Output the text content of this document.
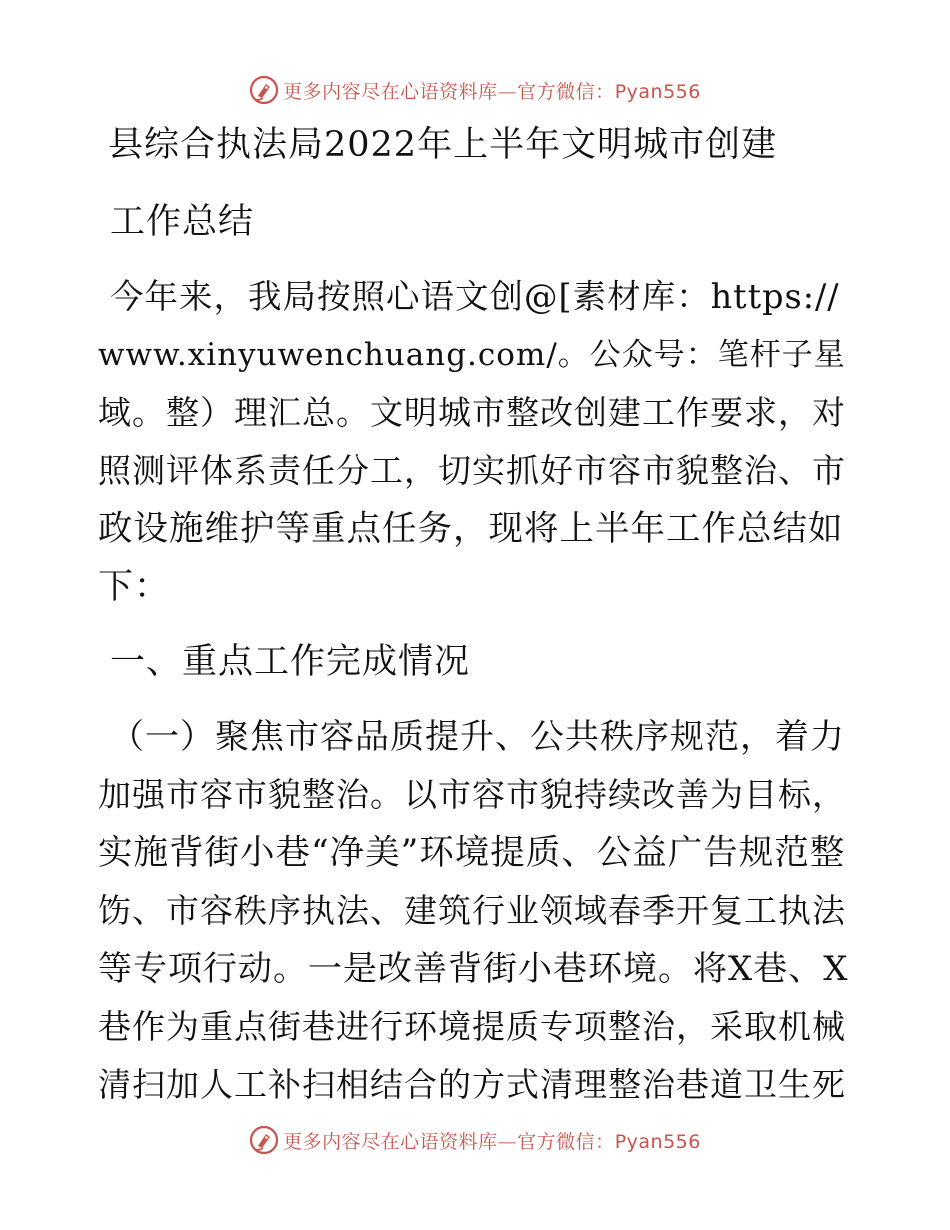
更多内容尽在心语资料库—官方微信：Pyan556
县综合执法局2022年上半年文明城市创建
工作总结
今年来，我局按照心语文创@[素材库：https://
www.xinyuwenchuang.com/。公众号：笔杆子星
域。整）理汇总。文明城市整改创建工作要求，对
照测评体系责任分工，切实抓好市容市貌整治、市
政设施维护等重点任务，现将上半年工作总结如
下：
一、重点工作完成情况
（一）聚焦市容品质提升、公共秩序规范，着力
加强市容市貌整治。以市容市貌持续改善为目标，
实施背街小巷“净美”环境提质、公益广告规范整
饬、市容秩序执法、建筑行业领域春季开复工执法
等专项行动。一是改善背街小巷环境。将X巷、X
巷作为重点街巷进行环境提质专项整治，采取机械
清扫加人工补扫相结合的方式清理整治巷道卫生死
更多内容尽在心语资料库—官方微信：Pyan556
